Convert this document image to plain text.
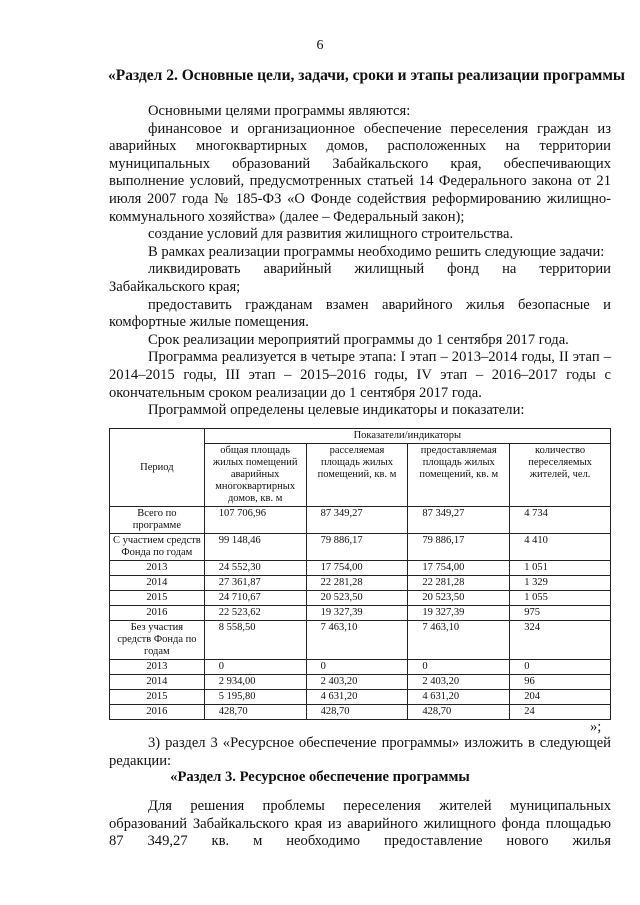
6
«Раздел 2. Основные цели, задачи, сроки и этапы реализации программы

Основными целями программы являются:

финансовое и организационное обеспечение переселения граждан из аварийных многоквартирных домов, расположенных на территории муниципальных образований Забайкальского края, обеспечивающих выполнение условий, предусмотренных статьей 14 Федерального закона от 21 июля 2007 года № 185-ФЗ «О Фонде содействия реформированию жилищно-коммунального хозяйства» (далее – Федеральный закон);

создание условий для развития жилищного строительства.

В рамках реализации программы необходимо решить следующие задачи:

ликвидировать аварийный жилищный фонд на территории Забайкальского края;

предоставить гражданам взамен аварийного жилья безопасные и комфортные жилые помещения.

Срок реализации мероприятий программы до 1 сентября 2017 года.

Программа реализуется в четыре этапа: I этап – 2013–2014 годы, II этап – 2014–2015 годы, III этап – 2015–2016 годы, IV этап – 2016–2017 годы с окончательным сроком реализации до 1 сентября 2017 года.

Программой определены целевые индикаторы и показатели:

Период	Показатели/индикаторы			
	общая площадь жилых помещений аварийных многоквартирных домов, кв. м	расселяемая площадь жилых помещений, кв. м	предоставляемая площадь жилых помещений, кв. м	количество переселяемых жителей, чел.
Всего по программе	107 706,96	87 349,27	87 349,27	4 734
С участием средств Фонда по годам	99 148,46	79 886,17	79 886,17	4 410
2013	24 552,30	17 754,00	17 754,00	1 051
2014	27 361,87	22 281,28	22 281,28	1 329
2015	24 710,67	20 523,50	20 523,50	1 055
2016	22 523,62	19 327,39	19 327,39	975
Без участия средств Фонда по годам	8 558,50	7 463,10	7 463,10	324
2013	0	0	0	0
2014	2 934,00	2 403,20	2 403,20	96
2015	5 195,80	4 631,20	4 631,20	204
2016	428,70	428,70	428,70	24
»;

3) раздел 3 «Ресурсное обеспечение программы» изложить в следующей редакции:

«Раздел 3. Ресурсное обеспечение программы

Для решения проблемы переселения жителей муниципальных образований Забайкальского края из аварийного жилищного фонда площадью 87 349,27 кв. м необходимо предоставление нового жилья
